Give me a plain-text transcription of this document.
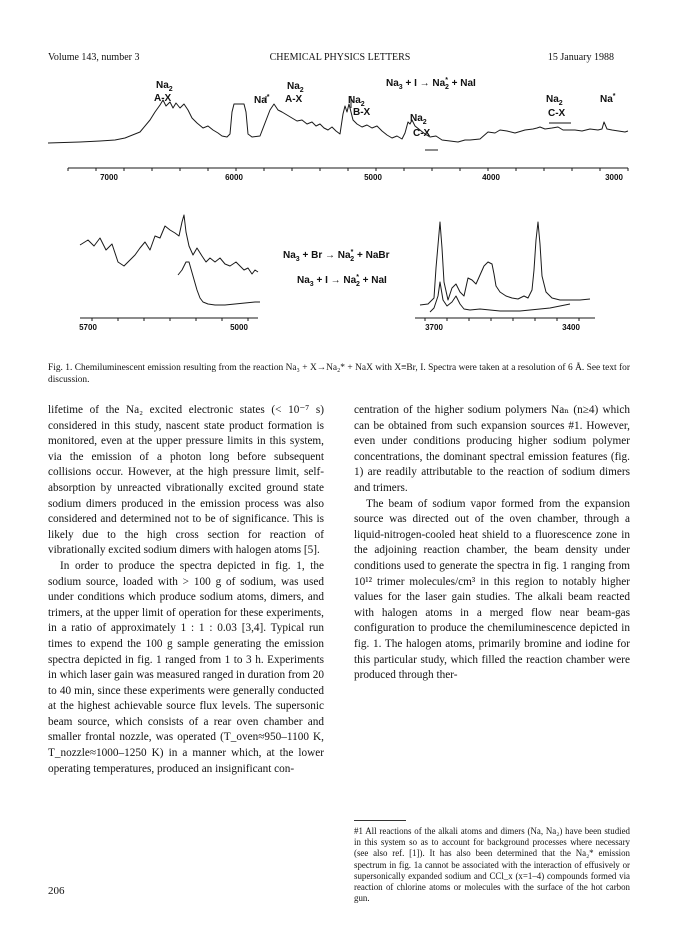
Volume 143, number 3	CHEMICAL PHYSICS LETTERS	15 January 1988
$Na_2$
A-X	Na*
$Na_2$
A-X	$Na_2$
B-X
$Na_3 + I \to Na^*$ 2 + NaI
$Na_2$
C-X
$Na_2$
C-X
Na*
$Na_3 + Br \to Na^*$ 2 + NaBr
$Na_3 + I \to Na^*$ 2 + NaI
7000	6000	5000	4000	3000
5700	5000	3700	3400
Fig. 1. Chemiluminescent emission resulting from the reaction Na₃ + X→Na₂* + NaX with X≡Br, I. Spectra were taken at a resolution of 6 Å. See text for discussion.

lifetime of the Na₂ excited electronic states (< 10⁻⁷ s) considered in this study, nascent state product formation is monitored, even at the upper pressure limits in this system, via the emission of a photon long before subsequent collisions occur. However, at the high pressure limit, self-absorption by unreacted vibrationally excited ground state sodium dimers produced in the emission process was also considered and determined not to be of significance. This is likely due to the high cross section for reaction of vibrationally excited sodium dimers with halogen atoms [5].

In order to produce the spectra depicted in fig. 1, the sodium source, loaded with > 100 g of sodium, was used under conditions which produce sodium atoms, dimers, and trimers, at the upper limit of operation for these experiments, in a ratio of approximately 1 : 1 : 0.03 [3,4]. Typical run times to expend the 100 g sample generating the emission spectra depicted in fig. 1 ranged from 1 to 3 h. Experiments in which laser gain was measured ranged in duration from 20 to 40 min, since these experiments were generally conducted at the highest achievable source flux levels. The supersonic beam source, which consists of a rear oven chamber and smaller frontal nozzle, was operated (T_oven≈950–1100 K, T_nozzle≈1000–1250 K) in a manner which, at the lower operating temperatures, produced an insignificant con-

centration of the higher sodium polymers Naₙ (n≥4) which can be obtained from such expansion sources #1. However, even under conditions producing higher sodium polymer concentrations, the dominant spectral emission features (fig. 1) are readily attributable to the reaction of sodium dimers and trimers.

The beam of sodium vapor formed from the expansion source was directed out of the oven chamber, through a liquid-nitrogen-cooled heat shield to a fluorescence zone in the adjoining reaction chamber, the beam density under conditions used to generate the spectra in fig. 1 ranging from 10¹² trimer molecules/cm³ in this region to notably higher values for the laser gain studies. The alkali beam reacted with halogen atoms in a merged flow near beam-gas configuration to produce the chemiluminescence depicted in fig. 1. The halogen atoms, primarily bromine and iodine for this particular study, which filled the reaction chamber were produced through ther-

#1 All reactions of the alkali atoms and dimers (Na, Na₂) have been studied in this system so as to account for background processes where necessary (see also ref. [1]). It has also been determined that the Na₂* emission spectrum in fig. 1a cannot be associated with the interaction of effusively or supersonically expanded sodium and CCl_x (x=1–4) compounds formed via reaction of chlorine atoms or molecules with the surface of the hot carbon gun.
206
